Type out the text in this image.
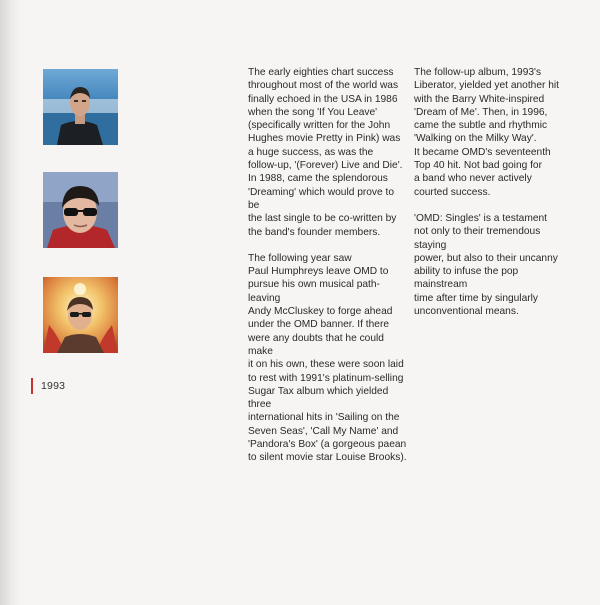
1993

The early eighties chart success
throughout most of the world was
finally echoed in the USA in 1986
when the song 'If You Leave'
(specifically written for the John
Hughes movie Pretty in Pink) was
a huge success, as was the
follow-up, '(Forever) Live and Die'.
In 1988, came the splendorous
'Dreaming' which would prove to be
the last single to be co-written by
the band's founder members.

The following year saw
Paul Humphreys leave OMD to
pursue his own musical path-leaving
Andy McCluskey to forge ahead
under the OMD banner. If there
were any doubts that he could make
it on his own, these were soon laid
to rest with 1991's platinum-selling
Sugar Tax album which yielded three
international hits in 'Sailing on the
Seven Seas', 'Call My Name' and
'Pandora's Box' (a gorgeous paean
to silent movie star Louise Brooks).

The follow-up album, 1993's
Liberator, yielded yet another hit
with the Barry White-inspired
'Dream of Me'. Then, in 1996,
came the subtle and rhythmic
'Walking on the Milky Way'.
It became OMD's seventeenth
Top 40 hit. Not bad going for
a band who never actively
courted success.

'OMD: Singles' is a testament
not only to their tremendous staying
power, but also to their uncanny
ability to infuse the pop mainstream
time after time by singularly
unconventional means.
